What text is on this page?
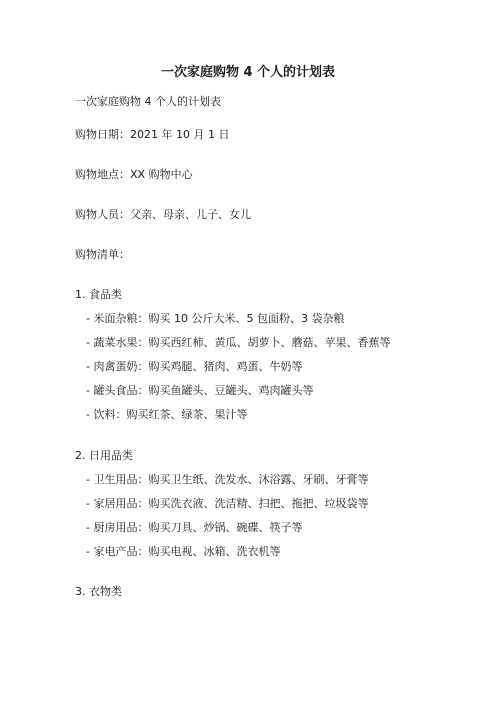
一次家庭购物 4 个人的计划表
一次家庭购物 4 个人的计划表
购物日期：2021 年 10 月 1 日
购物地点：XX 购物中心
购物人员：父亲、母亲、儿子、女儿
购物清单：
1. 食品类
- 米面杂粮：购买 10 公斤大米、5 包面粉、3 袋杂粮
- 蔬菜水果：购买西红柿、黄瓜、胡萝卜、蘑菇、苹果、香蕉等
- 肉禽蛋奶：购买鸡腿、猪肉、鸡蛋、牛奶等
- 罐头食品：购买鱼罐头、豆罐头、鸡肉罐头等
- 饮料：购买红茶、绿茶、果汁等
2. 日用品类
- 卫生用品：购买卫生纸、洗发水、沐浴露、牙刷、牙膏等
- 家居用品：购买洗衣液、洗洁精、扫把、拖把、垃圾袋等
- 厨房用品：购买刀具、炒锅、碗碟、筷子等
- 家电产品：购买电视、冰箱、洗衣机等
3. 衣物类
